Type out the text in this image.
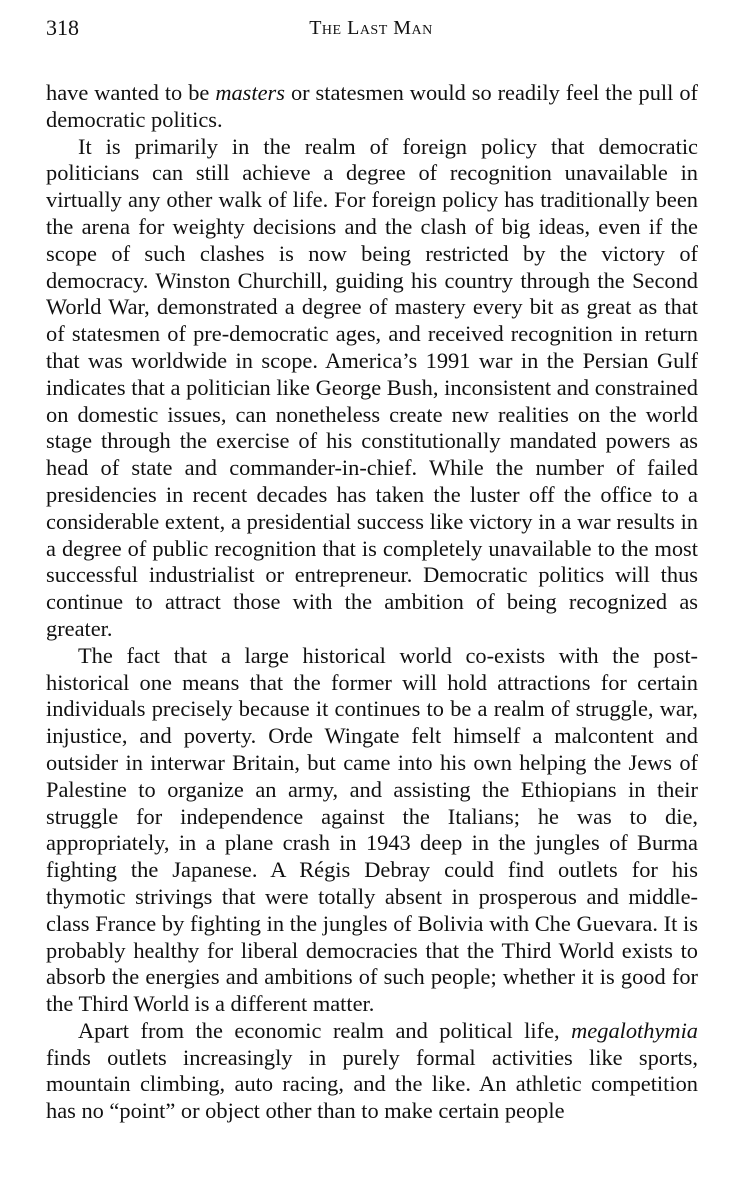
318	The Last Man

have wanted to be masters or statesmen would so readily feel the pull of democratic politics.

It is primarily in the realm of foreign policy that democratic politicians can still achieve a degree of recognition unavailable in virtually any other walk of life. For foreign policy has traditionally been the arena for weighty decisions and the clash of big ideas, even if the scope of such clashes is now being restricted by the victory of democracy. Winston Churchill, guiding his country through the Second World War, demonstrated a degree of mastery every bit as great as that of statesmen of pre-democratic ages, and received recognition in return that was worldwide in scope. America’s 1991 war in the Persian Gulf indicates that a politician like George Bush, inconsistent and constrained on domestic issues, can nonetheless create new realities on the world stage through the exercise of his constitutionally mandated powers as head of state and commander-in-chief. While the number of failed presidencies in recent decades has taken the luster off the office to a considerable extent, a presidential success like victory in a war results in a degree of public recognition that is completely unavailable to the most successful industrialist or entrepreneur. Democratic politics will thus continue to attract those with the ambition of being recognized as greater.

The fact that a large historical world co-exists with the post-historical one means that the former will hold attractions for certain individuals precisely because it continues to be a realm of struggle, war, injustice, and poverty. Orde Wingate felt himself a malcontent and outsider in interwar Britain, but came into his own helping the Jews of Palestine to organize an army, and assisting the Ethiopians in their struggle for independence against the Italians; he was to die, appropriately, in a plane crash in 1943 deep in the jungles of Burma fighting the Japanese. A Régis Debray could find outlets for his thymotic strivings that were totally absent in prosperous and middle-class France by fighting in the jungles of Bolivia with Che Guevara. It is probably healthy for liberal democracies that the Third World exists to absorb the energies and ambitions of such people; whether it is good for the Third World is a different matter.

Apart from the economic realm and political life, megalothymia finds outlets increasingly in purely formal activities like sports, mountain climbing, auto racing, and the like. An athletic competition has no “point” or object other than to make certain people
